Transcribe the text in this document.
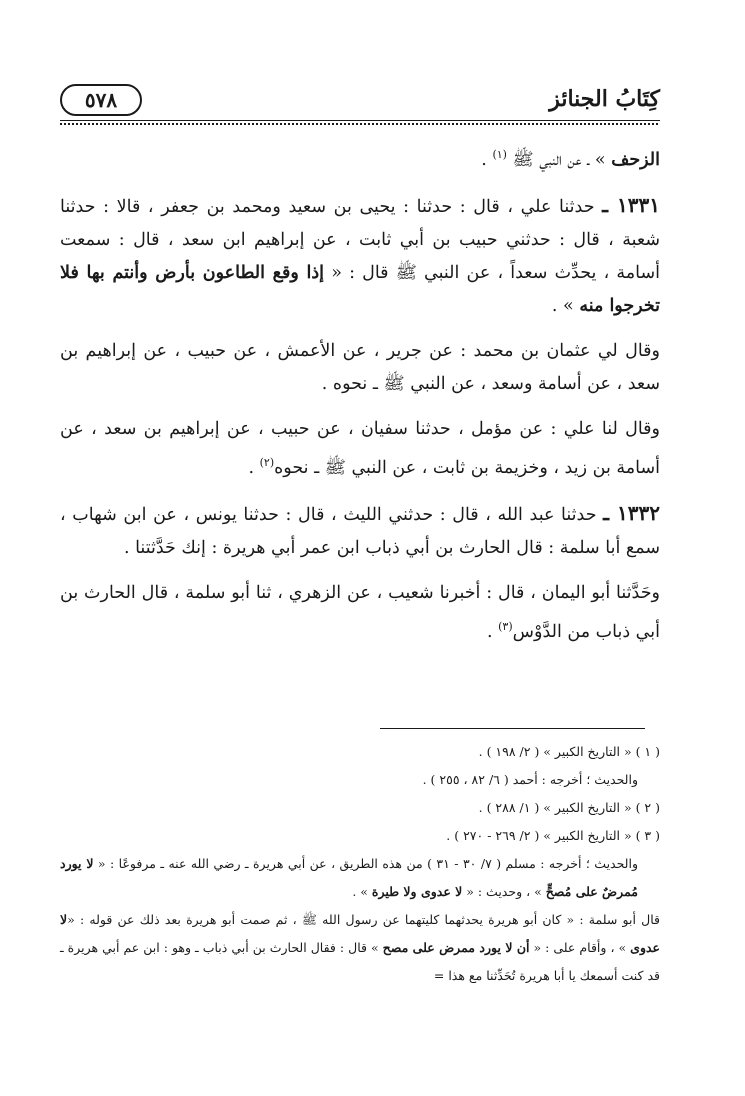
٥٧٨	كِتَابُ الجنائز

الزحف » ـ عن النبي ﷺ $^{(١)}$ .

١٣٣١ ـ حدثنا علي ، قال : حدثنا : يحيى بن سعيد ومحمد بن جعفر ، قالا : حدثنا شعبة ، قال : حدثني حبيب بن أبي ثابت ، عن إبراهيم ابن سعد ، قال : سمعت أسامة ، يحدِّث سعداً ، عن النبي ﷺ قال : « إذا وقع الطاعون بأرض وأنتم بها فلا تخرجوا منه » .

وقال لي عثمان بن محمد : عن جرير ، عن الأعمش ، عن حبيب ، عن إبراهيم بن سعد ، عن أسامة وسعد ، عن النبي ﷺ ـ نحوه .

وقال لنا علي : عن مؤمل ، حدثنا سفيان ، عن حبيب ، عن إبراهيم بن سعد ، عن أسامة بن زيد ، وخزيمة بن ثابت ، عن النبي ﷺ ـ نحوه$^{(٢)}$ .

١٣٣٢ ـ حدثنا عبد الله ، قال : حدثني الليث ، قال : حدثنا يونس ، عن ابن شهاب ، سمع أبا سلمة : قال الحارث بن أبي ذباب ابن عمر أبي هريرة : إنك حَدَّثتنا .

وحَدَّثنا أبو اليمان ، قال : أخبرنا شعيب ، عن الزهري ، ثنا أبو سلمة ، قال الحارث بن أبي ذباب من الدَّوْس$^{(٣)}$ .

( ١ ) « التاريخ الكبير » ( ٢/ ١٩٨ ) .

والحديث ؛ أخرجه : أحمد ( ٦/ ٨٢ ، ٢٥٥ ) .

( ٢ ) « التاريخ الكبير » ( ١/ ٢٨٨ ) .

( ٣ ) « التاريخ الكبير » ( ٢/ ٢٦٩ - ٢٧٠ ) .

والحديث ؛ أخرجه : مسلم ( ٧/ ٣٠ - ٣١ ) من هذه الطريق ، عن أبي هريرة ـ رضي الله عنه ـ مرفوعًا : « لا يورد مُمرضٌ على مُصحٍّ » ، وحديث : « لا عدوى ولا طيرة » .

قال أبو سلمة : « كان أبو هريرة يحدثهما كليتهما عن رسول الله ﷺ ، ثم صمت أبو هريرة بعد ذلك عن قوله : «لا عدوى » ، وأقام على : « أن لا يورد ممرض على مصح » قال : فقال الحارث بن أبي ذباب ـ وهو : ابن عم أبي هريرة ـ قد كنت أسمعك يا أبا هريرة تُحَدِّثنا مع هذا =
